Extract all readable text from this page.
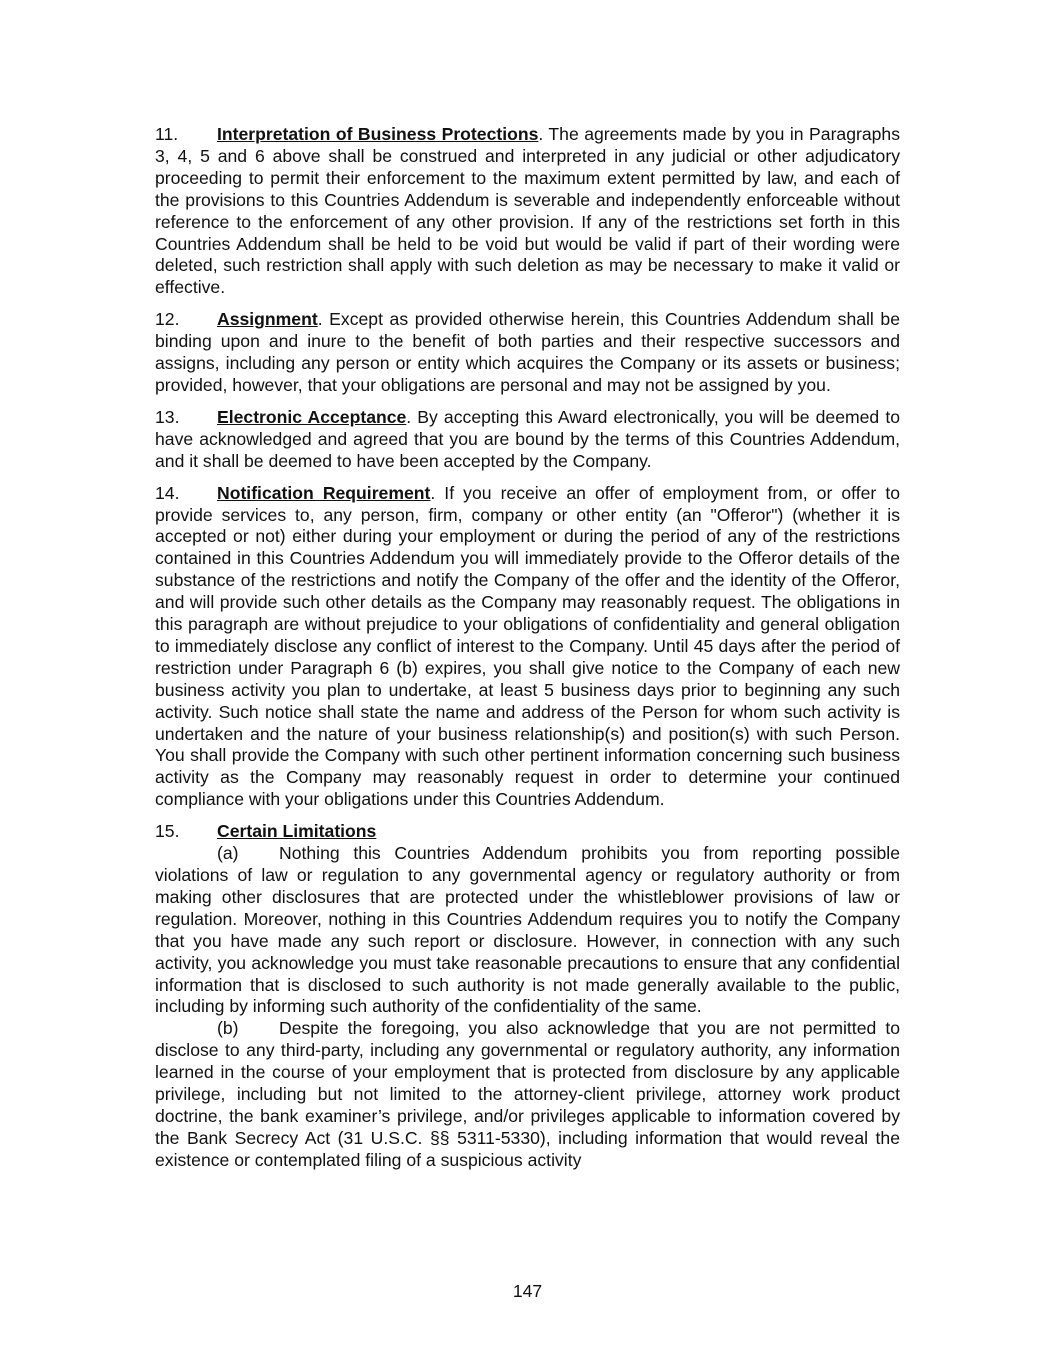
11. Interpretation of Business Protections. The agreements made by you in Paragraphs 3, 4, 5 and 6 above shall be construed and interpreted in any judicial or other adjudicatory proceeding to permit their enforcement to the maximum extent permitted by law, and each of the provisions to this Countries Addendum is severable and independently enforceable without reference to the enforcement of any other provision. If any of the restrictions set forth in this Countries Addendum shall be held to be void but would be valid if part of their wording were deleted, such restriction shall apply with such deletion as may be necessary to make it valid or effective.

12. Assignment. Except as provided otherwise herein, this Countries Addendum shall be binding upon and inure to the benefit of both parties and their respective successors and assigns, including any person or entity which acquires the Company or its assets or business; provided, however, that your obligations are personal and may not be assigned by you.

13. Electronic Acceptance. By accepting this Award electronically, you will be deemed to have acknowledged and agreed that you are bound by the terms of this Countries Addendum, and it shall be deemed to have been accepted by the Company.

14. Notification Requirement. If you receive an offer of employment from, or offer to provide services to, any person, firm, company or other entity (an "Offeror") (whether it is accepted or not) either during your employment or during the period of any of the restrictions contained in this Countries Addendum you will immediately provide to the Offeror details of the substance of the restrictions and notify the Company of the offer and the identity of the Offeror, and will provide such other details as the Company may reasonably request. The obligations in this paragraph are without prejudice to your obligations of confidentiality and general obligation to immediately disclose any conflict of interest to the Company. Until 45 days after the period of restriction under Paragraph 6 (b) expires, you shall give notice to the Company of each new business activity you plan to undertake, at least 5 business days prior to beginning any such activity. Such notice shall state the name and address of the Person for whom such activity is undertaken and the nature of your business relationship(s) and position(s) with such Person. You shall provide the Company with such other pertinent information concerning such business activity as the Company may reasonably request in order to determine your continued compliance with your obligations under this Countries Addendum.

15. Certain Limitations

(a) Nothing this Countries Addendum prohibits you from reporting possible violations of law or regulation to any governmental agency or regulatory authority or from making other disclosures that are protected under the whistleblower provisions of law or regulation. Moreover, nothing in this Countries Addendum requires you to notify the Company that you have made any such report or disclosure. However, in connection with any such activity, you acknowledge you must take reasonable precautions to ensure that any confidential information that is disclosed to such authority is not made generally available to the public, including by informing such authority of the confidentiality of the same.

(b) Despite the foregoing, you also acknowledge that you are not permitted to disclose to any third-party, including any governmental or regulatory authority, any information learned in the course of your employment that is protected from disclosure by any applicable privilege, including but not limited to the attorney-client privilege, attorney work product doctrine, the bank examiner’s privilege, and/or privileges applicable to information covered by the Bank Secrecy Act (31 U.S.C. §§ 5311-5330), including information that would reveal the existence or contemplated filing of a suspicious activity

147
